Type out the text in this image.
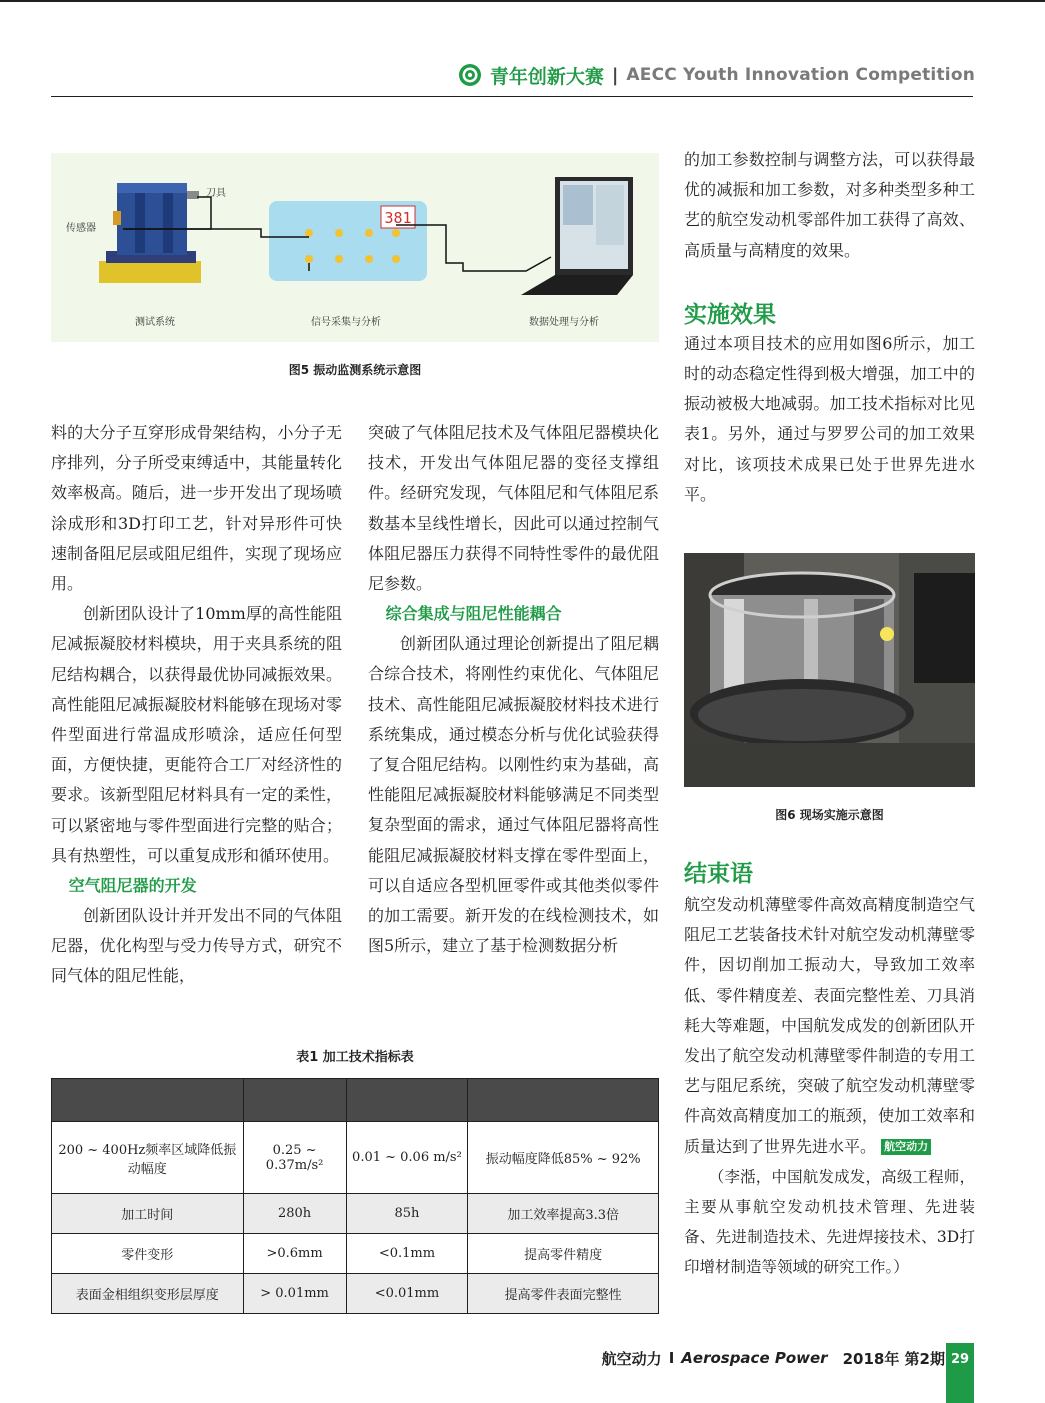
青年创新大赛 | AECC Youth Innovation Competition
381
刀具
传感器
测试系统	信号采集与分析	数据处理与分析
图5 振动监测系统示意图

料的大分子互穿形成骨架结构，小分子无序排列，分子所受束缚适中，其能量转化效率极高。随后，进一步开发出了现场喷涂成形和3D打印工艺，针对异形件可快速制备阻尼层或阻尼组件，实现了现场应用。

创新团队设计了10mm厚的高性能阻尼减振凝胶材料模块，用于夹具系统的阻尼结构耦合，以获得最优协同减振效果。高性能阻尼减振凝胶材料能够在现场对零件型面进行常温成形喷涂，适应任何型面，方便快捷，更能符合工厂对经济性的要求。该新型阻尼材料具有一定的柔性，可以紧密地与零件型面进行完整的贴合；具有热塑性，可以重复成形和循环使用。

空气阻尼器的开发

创新团队设计并开发出不同的气体阻尼器，优化构型与受力传导方式，研究不同气体的阻尼性能，

突破了气体阻尼技术及气体阻尼器模块化技术，开发出气体阻尼器的变径支撑组件。经研究发现，气体阻尼和气体阻尼系数基本呈线性增长，因此可以通过控制气体阻尼器压力获得不同特性零件的最优阻尼参数。

综合集成与阻尼性能耦合

创新团队通过理论创新提出了阻尼耦合综合技术，将刚性约束优化、气体阻尼技术、高性能阻尼减振凝胶材料技术进行系统集成，通过模态分析与优化试验获得了复合阻尼结构。以刚性约束为基础，高性能阻尼减振凝胶材料能够满足不同类型复杂型面的需求，通过气体阻尼器将高性能阻尼减振凝胶材料支撑在零件型面上，可以自适应各型机匣零件或其他类似零件的加工需要。新开发的在线检测技术，如图5所示，建立了基于检测数据分析

表1 加工技术指标表

200 ~ 400Hz频率区域降低振动幅度	0.25 ~ 0.37m/s²	0.01 ~ 0.06 m/s²	振动幅度降低85% ~ 92%
加工时间	280h	85h	加工效率提高3.3倍
零件变形	>0.6mm	<0.1mm	提高零件精度
表面金相组织变形层厚度	> 0.01mm	<0.01mm	提高零件表面完整性

的加工参数控制与调整方法，可以获得最优的减振和加工参数，对多种类型多种工艺的航空发动机零部件加工获得了高效、高质量与高精度的效果。

实施效果

通过本项目技术的应用如图6所示，加工时的动态稳定性得到极大增强，加工中的振动被极大地减弱。加工技术指标对比见表1。另外，通过与罗罗公司的加工效果对比，该项技术成果已处于世界先进水平。

图6 现场实施示意图

结束语

航空发动机薄壁零件高效高精度制造空气阻尼工艺装备技术针对航空发动机薄壁零件，因切削加工振动大，导致加工效率低、零件精度差、表面完整性差、刀具消耗大等难题，中国航发成发的创新团队开发出了航空发动机薄壁零件制造的专用工艺与阻尼系统，突破了航空发动机薄壁零件高效高精度加工的瓶颈，使加工效率和质量达到了世界先进水平。 航空动力

（李湉，中国航发成发，高级工程师，主要从事航空发动机技术管理、先进装备、先进制造技术、先进焊接技术、3D打印增材制造等领域的研究工作。）

航空动力 I Aerospace Power 2018年 第2期 29
